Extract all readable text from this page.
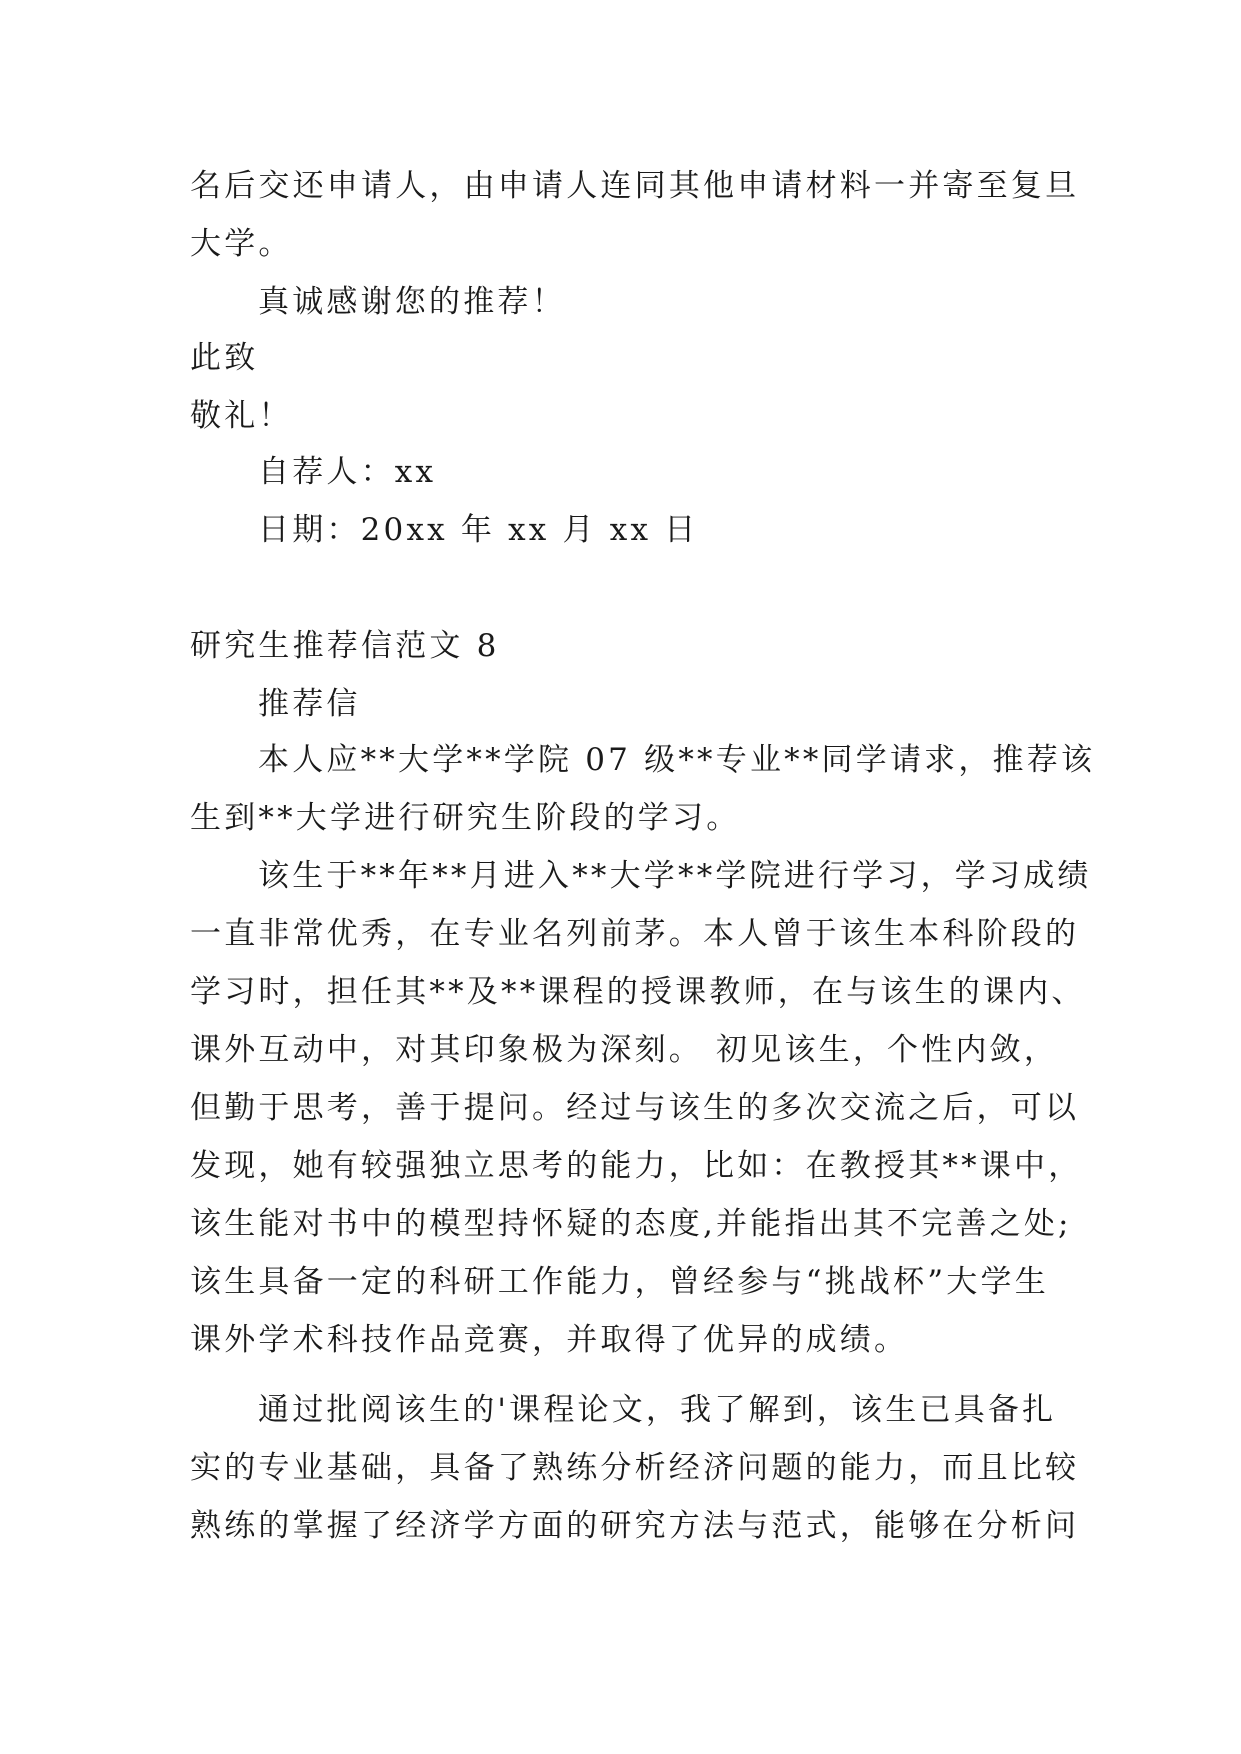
名后交还申请人，由申请人连同其他申请材料一并寄至复旦
大学。
真诚感谢您的推荐！
此致
敬礼！
自荐人：xx
日期：20xx 年 xx 月 xx 日
研究生推荐信范文 8
推荐信
本人应**大学**学院 07 级**专业**同学请求，推荐该
生到**大学进行研究生阶段的学习。
该生于**年**月进入**大学**学院进行学习，学习成绩
一直非常优秀，在专业名列前茅。本人曾于该生本科阶段的
学习时，担任其**及**课程的授课教师，在与该生的课内、
课外互动中，对其印象极为深刻。 初见该生，个性内敛，
但勤于思考，善于提问。经过与该生的多次交流之后，可以
发现，她有较强独立思考的能力，比如：在教授其**课中，
该生能对书中的模型持怀疑的态度,并能指出其不完善之处;
该生具备一定的科研工作能力，曾经参与“挑战杯”大学生
课外学术科技作品竞赛，并取得了优异的成绩。
通过批阅该生的'课程论文，我了解到，该生已具备扎
实的专业基础，具备了熟练分析经济问题的能力，而且比较
熟练的掌握了经济学方面的研究方法与范式，能够在分析问
